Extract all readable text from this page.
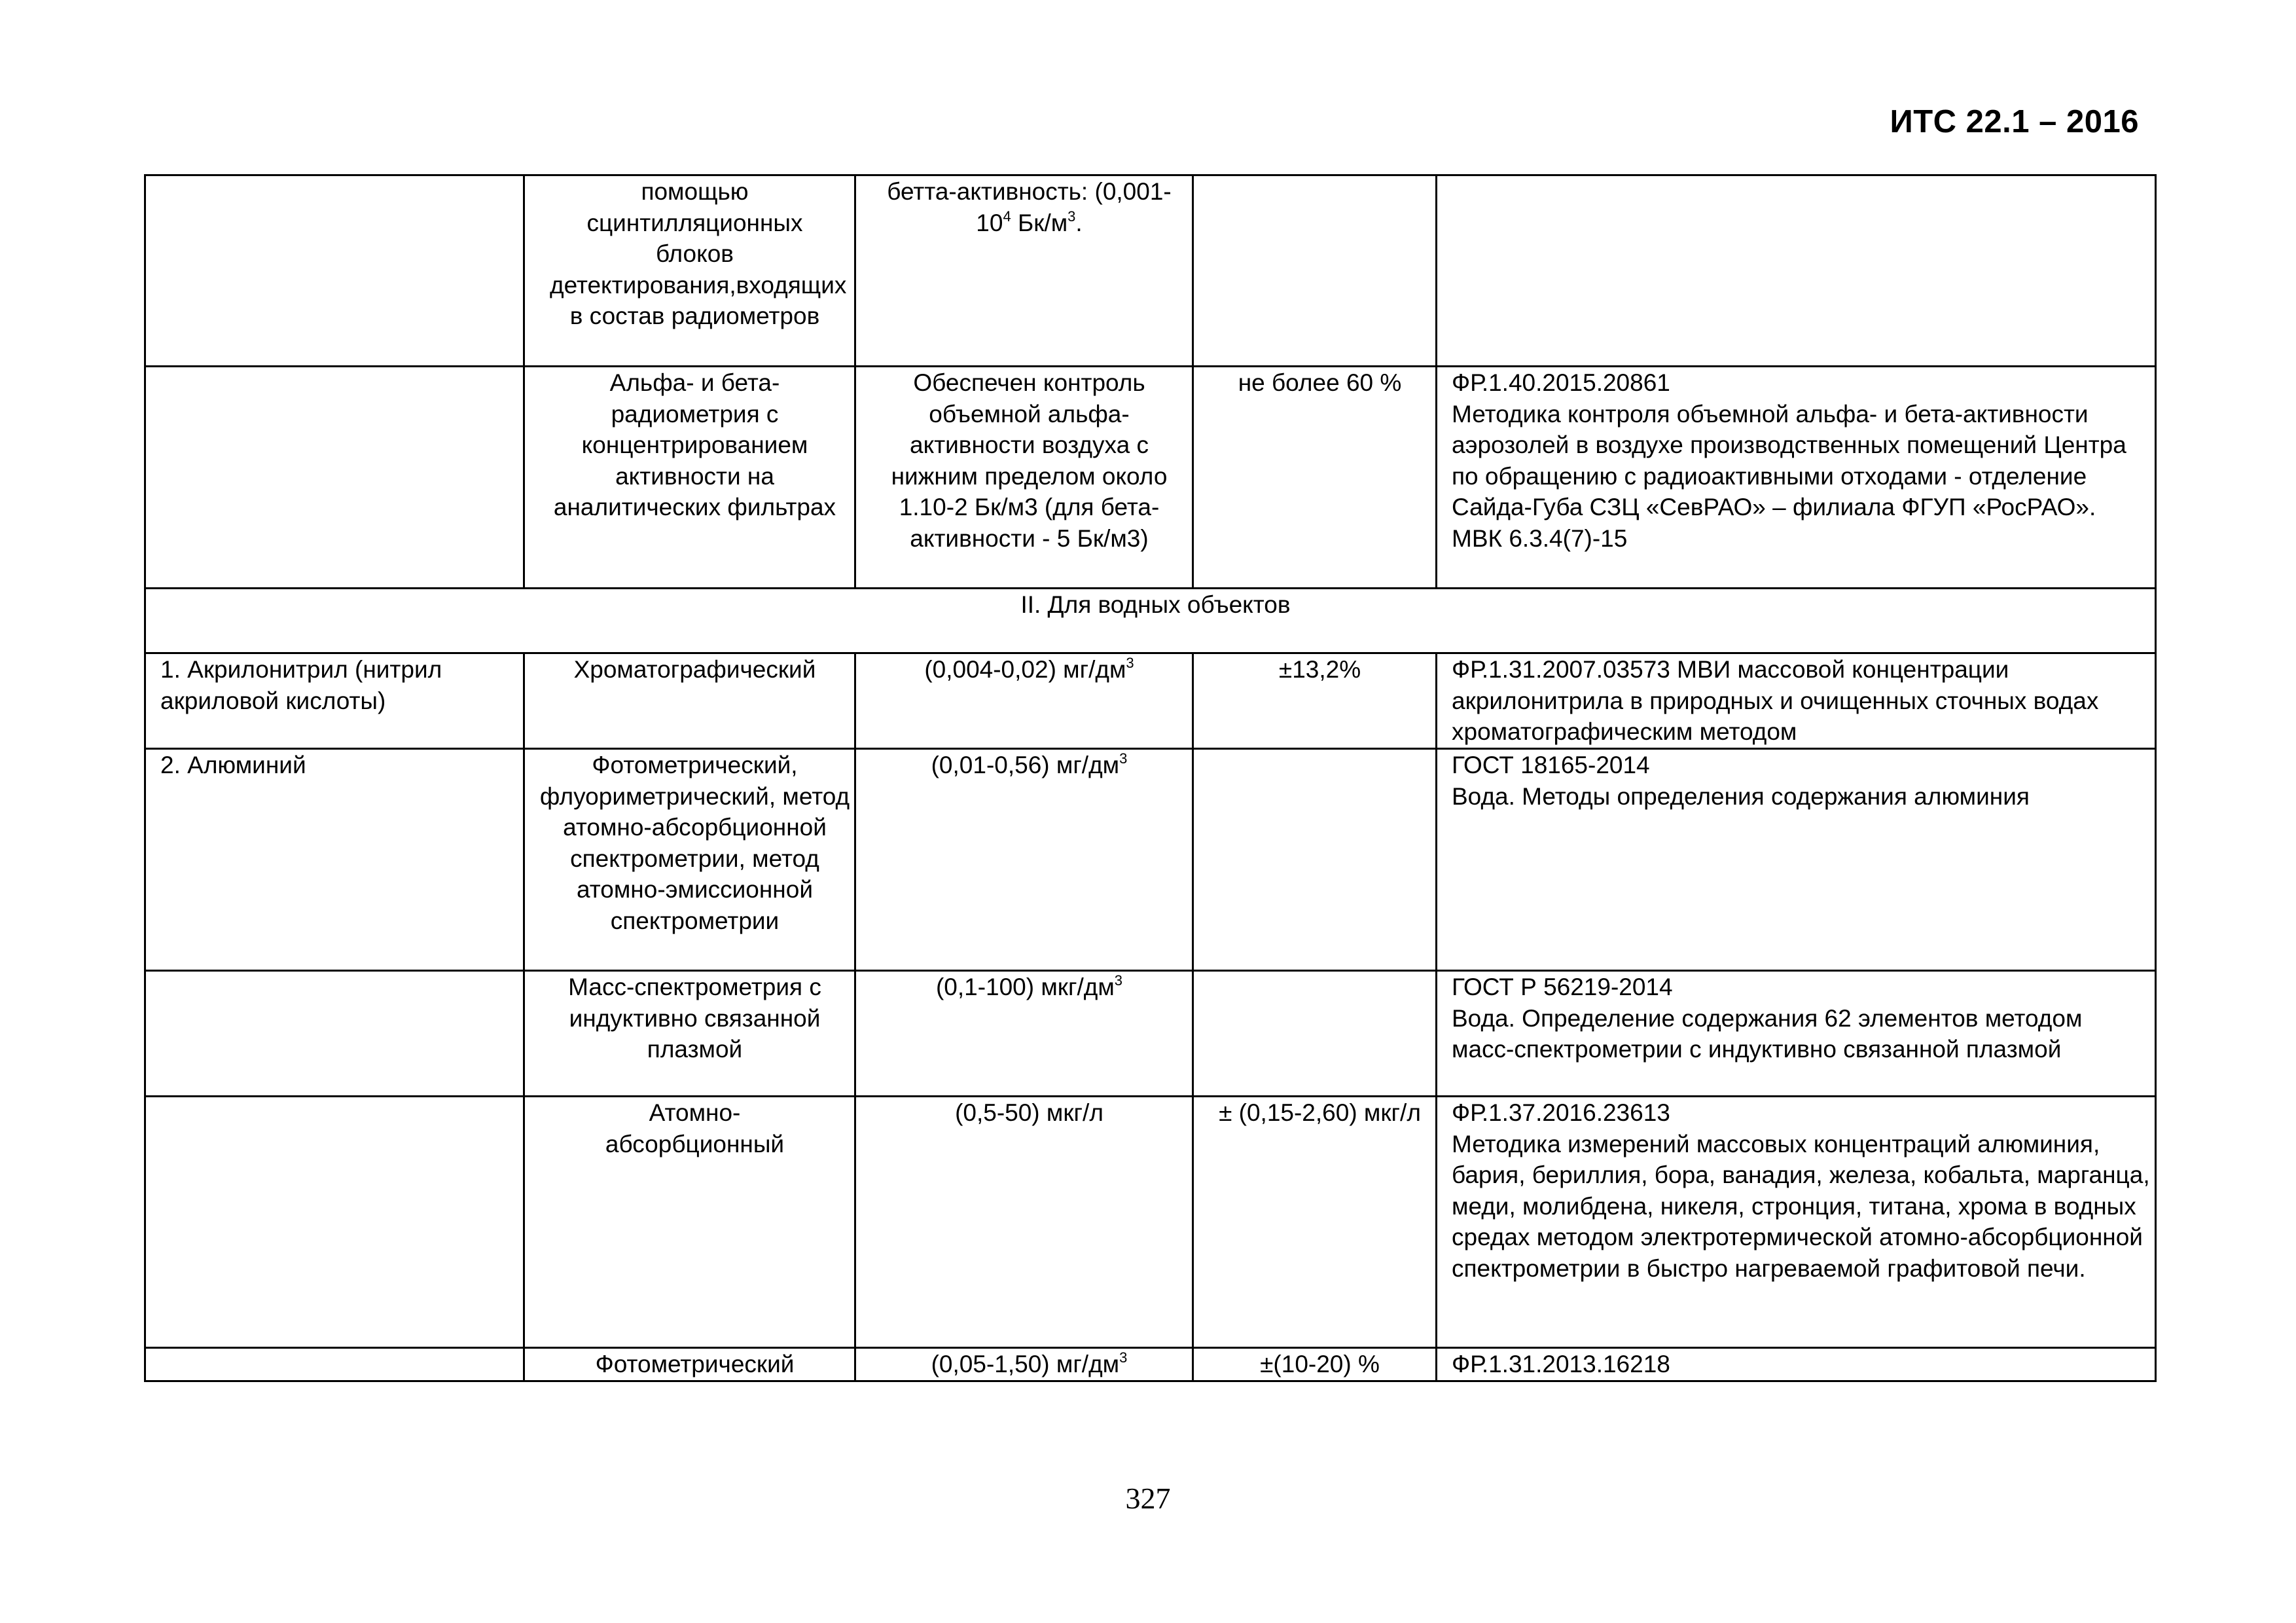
ИТС 22.1 – 2016

	помощью сцинтилляционных блоков детектирования,входящих в состав радиометров	бетта-активность: ($0,001-10^4$ $Бк/м^3$.		

	Альфа- и бета-радиометрия с концентрированием активности на аналитических фильтрах	Обеспечен контроль объемной альфа-активности воздуха с нижним пределом около 1.10-2 Бк/м3 (для бета-активности - 5 Бк/м3)	не более 60 %	ФР.1.40.2015.20861
Методика контроля объемной альфа- и бета-активности аэрозолей в воздухе производственных помещений Центра по обращению с радиоактивными отходами - отделение Сайда-Губа СЗЦ «СевРАО» – филиала ФГУП «РосРАО». МВК 6.3.4(7)-15

II. Для водных объектов				
1. Акрилонитрил (нитрил акриловой кислоты)	Хроматографический	(0,004-0,02) $мг/дм^3$	±13,2%	ФР.1.31.2007.03573 МВИ массовой концентрации акрилонитрила в природных и очищенных сточных водах хроматографическим методом
2. Алюминий	Фотометрический, флуориметрический, метод атомно-абсорбционной спектрометрии, метод атомно-эмиссионной спектрометрии	(0,01-0,56) $мг/дм^3$		ГОСТ 18165-2014
Вода. Методы определения содержания алюминия

	Масс-спектрометрия с индуктивно связанной плазмой	(0,1-100) мкг/$дм^3$		ГОСТ Р 56219-2014
Вода. Определение содержания 62 элементов методом масс-спектрометрии с индуктивно связанной плазмой

	Атомно-абсорбционный	(0,5-50) мкг/л	± (0,15-2,60) мкг/л	ФР.1.37.2016.23613
Методика измерений массовых концентраций алюминия, бария, бериллия, бора, ванадия, железа, кобальта, марганца, меди, молибдена, никеля, стронция, титана, хрома в водных средах методом электротермической атомно-абсорбционной спектрометрии в быстро нагреваемой графитовой печи.

	Фотометрический	(0,05-1,50) $мг/дм^3$	±(10-20) %	ФР.1.31.2013.16218
327
